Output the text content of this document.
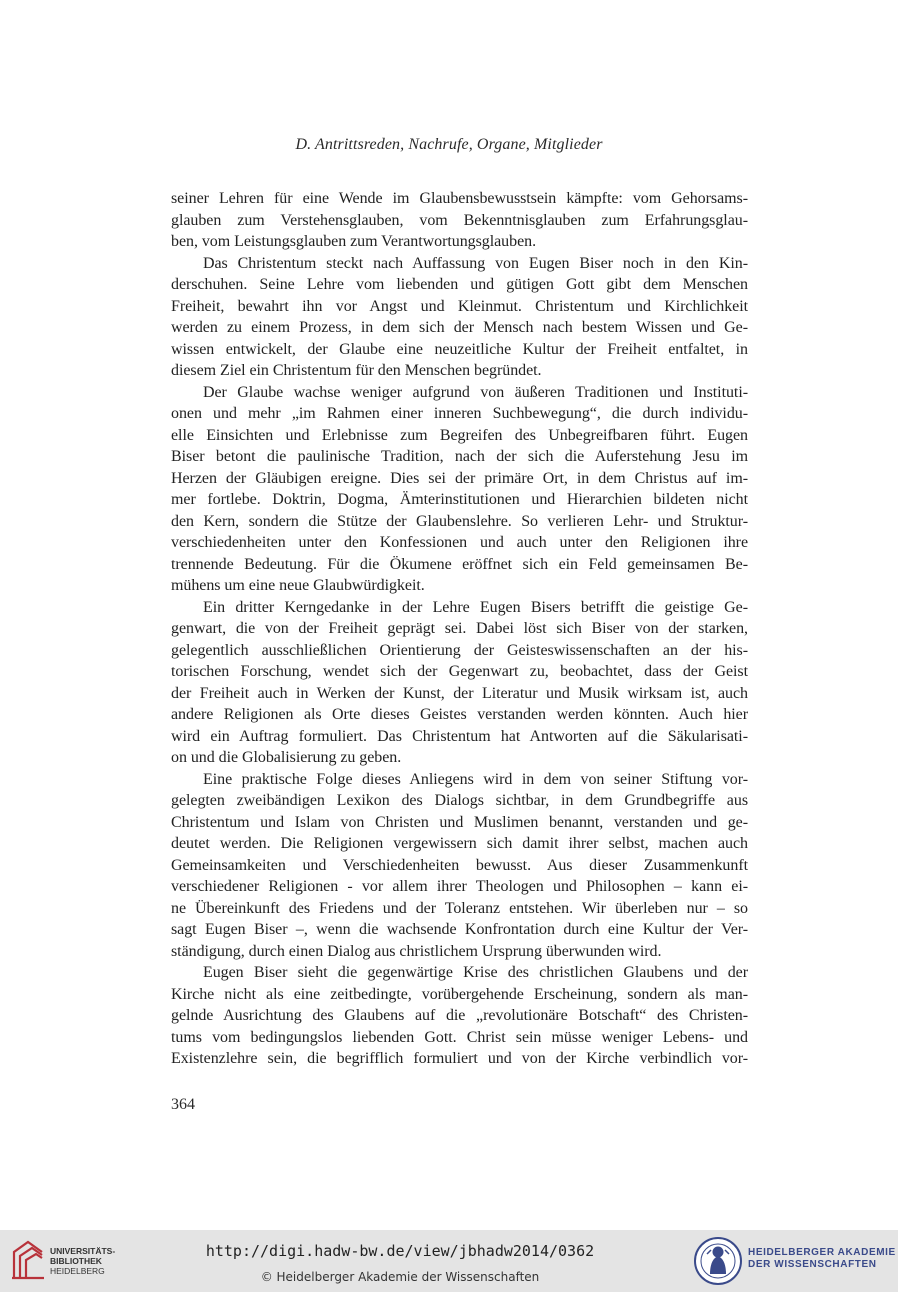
D. Antrittsreden, Nachrufe, Organe, Mitglieder
seiner Lehren für eine Wende im Glaubensbewusstsein kämpfte: vom Gehorsams-
glauben zum Verstehensglauben, vom Bekenntnisglauben zum Erfahrungsglau-
ben, vom Leistungsglauben zum Verantwortungsglauben.
Das Christentum steckt nach Auffassung von Eugen Biser noch in den Kin-
derschuhen. Seine Lehre vom liebenden und gütigen Gott gibt dem Menschen
Freiheit, bewahrt ihn vor Angst und Kleinmut. Christentum und Kirchlichkeit
werden zu einem Prozess, in dem sich der Mensch nach bestem Wissen und Ge-
wissen entwickelt, der Glaube eine neuzeitliche Kultur der Freiheit entfaltet, in
diesem Ziel ein Christentum für den Menschen begründet.
Der Glaube wachse weniger aufgrund von äußeren Traditionen und Instituti-
onen und mehr „im Rahmen einer inneren Suchbewegung“, die durch individu-
elle Einsichten und Erlebnisse zum Begreifen des Unbegreifbaren führt. Eugen
Biser betont die paulinische Tradition, nach der sich die Auferstehung Jesu im
Herzen der Gläubigen ereigne. Dies sei der primäre Ort, in dem Christus auf im-
mer fortlebe. Doktrin, Dogma, Ämterinstitutionen und Hierarchien bildeten nicht
den Kern, sondern die Stütze der Glaubenslehre. So verlieren Lehr- und Struktur-
verschiedenheiten unter den Konfessionen und auch unter den Religionen ihre
trennende Bedeutung. Für die Ökumene eröffnet sich ein Feld gemeinsamen Be-
mühens um eine neue Glaubwürdigkeit.
Ein dritter Kerngedanke in der Lehre Eugen Bisers betrifft die geistige Ge-
genwart, die von der Freiheit geprägt sei. Dabei löst sich Biser von der starken,
gelegentlich ausschließlichen Orientierung der Geisteswissenschaften an der his-
torischen Forschung, wendet sich der Gegenwart zu, beobachtet, dass der Geist
der Freiheit auch in Werken der Kunst, der Literatur und Musik wirksam ist, auch
andere Religionen als Orte dieses Geistes verstanden werden könnten. Auch hier
wird ein Auftrag formuliert. Das Christentum hat Antworten auf die Säkularisati-
on und die Globalisierung zu geben.
Eine praktische Folge dieses Anliegens wird in dem von seiner Stiftung vor-
gelegten zweibändigen Lexikon des Dialogs sichtbar, in dem Grundbegriffe aus
Christentum und Islam von Christen und Muslimen benannt, verstanden und ge-
deutet werden. Die Religionen vergewissern sich damit ihrer selbst, machen auch
Gemeinsamkeiten und Verschiedenheiten bewusst. Aus dieser Zusammenkunft
verschiedener Religionen - vor allem ihrer Theologen und Philosophen – kann ei-
ne Übereinkunft des Friedens und der Toleranz entstehen. Wir überleben nur – so
sagt Eugen Biser –, wenn die wachsende Konfrontation durch eine Kultur der Ver-
ständigung, durch einen Dialog aus christlichem Ursprung überwunden wird.
Eugen Biser sieht die gegenwärtige Krise des christlichen Glaubens und der
Kirche nicht als eine zeitbedingte, vorübergehende Erscheinung, sondern als man-
gelnde Ausrichtung des Glaubens auf die „revolutionäre Botschaft“ des Christen-
tums vom bedingungslos liebenden Gott. Christ sein müsse weniger Lebens- und
Existenzlehre sein, die begrifflich formuliert und von der Kirche verbindlich vor-
364
UNIVERSITÄTS-
BIBLIOTHEK
HEIDELBERG
http://digi.hadw-bw.de/view/jbhadw2014/0362
© Heidelberger Akademie der Wissenschaften
HEIDELBERGER AKADEMIE
DER WISSENSCHAFTEN
